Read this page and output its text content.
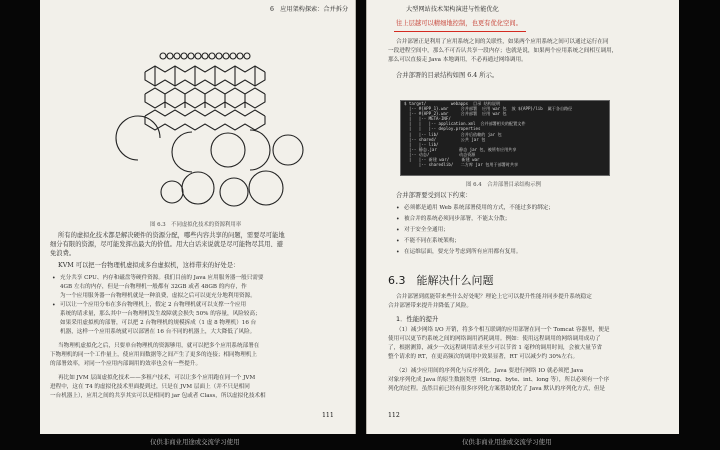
6　应用架构探索：合并拆分
图 6.3　不同虚拟化技术的资源利用率
所有的虚拟化技术都是解决硬件的资源分配，哪些内容共享的问题，需要尽可能地
细分有限的资源，尽可能发挥出最大的价值。用大白话来说就是尽可能物尽其用、避
免浪费。
KVM 可以把一台物理机虚拟成多台虚拟机，这样带来的好处是：
• 充分共享 CPU、内存和磁盘等硬件资源。我们目前的 Java 应用服务器一般只需要
4GB 左右的内存，但是一台物理机一般都有 32GB 或者 48GB 的内存，作
为一个应用服务器一台物理机就是一种浪费，虚拟之后可以更充分地利用资源。
• 可以让一个应用分布在多台物理机上，假定 2 台物理机就可以支撑一个应用
系统的请求量，那么其中一台物理机发生故障就会损失 50% 的容量，风险较高；
如果采用虚拟机的部署，可以把 2 台物理机的规模拆成（1 虚 8 物理机）16 台
机器，这样一个应用系统就可以部署在 16 台不同的机器上，大大降低了风险。
当物理机虚拟化之后，只要单台物理机的资源够用，就可以把多个应用系统部署在
下物理机的同一个工作量上，使应用间数据等之间产生了更多的连接；相同物理机上
的部署效率，对同一个应用内部调用的效率也会有一些提升。
再比如 JVM 层面虚拟化技术——多租户技术，可以让多个应用跑在同一个 JVM
进程中，这在 T4 的虚拟化技术里面提到过，只是在 JVM 层面上（并不只是相同
一台机器上），应用之间的共享其实可以是相同的 jar 包或者 Class，所以虚拟化技术相
111
仅供非商业用途或交流学习使用
大型网站技术架构演进与性能优化
往上层越可以精细地控制，也更有优化空间。
合并部署正是利用了应用系统之间的关联性，如果两个应用系统之间可以通过运行在同
一段进程空间中，那么不可否认共享一段内存；也就是说，如果两个应用系统之间相互调用，
那么可以直接走 Java 本地调用，不必再通过网络调用。
合并部署的目录结构如图 6.4 所示。
$ target/          webapps  目录 结构说明
|-- #{APP_1}.war     合并部署  应用 war 包  放 ${APP}/lib  属于各自路径
|-- #{APP_2}.war     合并部署  应用 war 包
|   |-- META-INF/
|   |   |-- application.xml  合并部署相关的配置文件
|   |   |-- deploy.properties
|   |-- lib/         合并后依赖的 jar 包
|-- shared/          公共 jar 包
|   |-- lib/
|-- 静态.jar         静态 jar 包，被所有应用共享
|-- 动态/            动态资源
|   |-- 新建 war/     新建 war
|-- sharedlib/   二方库 jar 包用于部署时共享
图 6.4　合并部署目录结构示例
合并部署要受到以下约束：
• 必须都是通用 Web 系统部署使用的方式，不能过多的绑定；
• 被合并的系统必须同步部署，不能太分散；
• 对于安全全通用；
• 不能不同在系统架构；
• 在运维层面，要充分考虑到所有应用都有复用。
6.3　能解决什么问题
合并部署到底能带来些什么好处呢？理论上它可以提升性能并同步提升系统稳定
合并部署带来提升并降低了风险。
1．性能的提升
（1）减少网络 I/O 开销，将多个相互联调的应用部署在同一个 Tomcat 容器里，便是
使用可以更节约系统之间的网络调用消耗调用。例如：使用远程调用的网络调用成功了
了，根据测算，减少一次远程调用请求至少可以节省 1 毫秒的调用时间，会被大量节省
整个请求的 RT，在更高频次的调用中效果显著，RT 可以减少约 30%左右。
（2）减少应用间的序列化与反序列化。Java 要进行网络 IO 就必须把 Java
对象序列化成 Java 的原生数据类型（String、byte、int、long 等），所以必须有一个序
列化的过程。虽然目前已经有很多序列化方案帮助优化了 Java 默认的序列化方式，但是
112
仅供非商业用途或交流学习使用
